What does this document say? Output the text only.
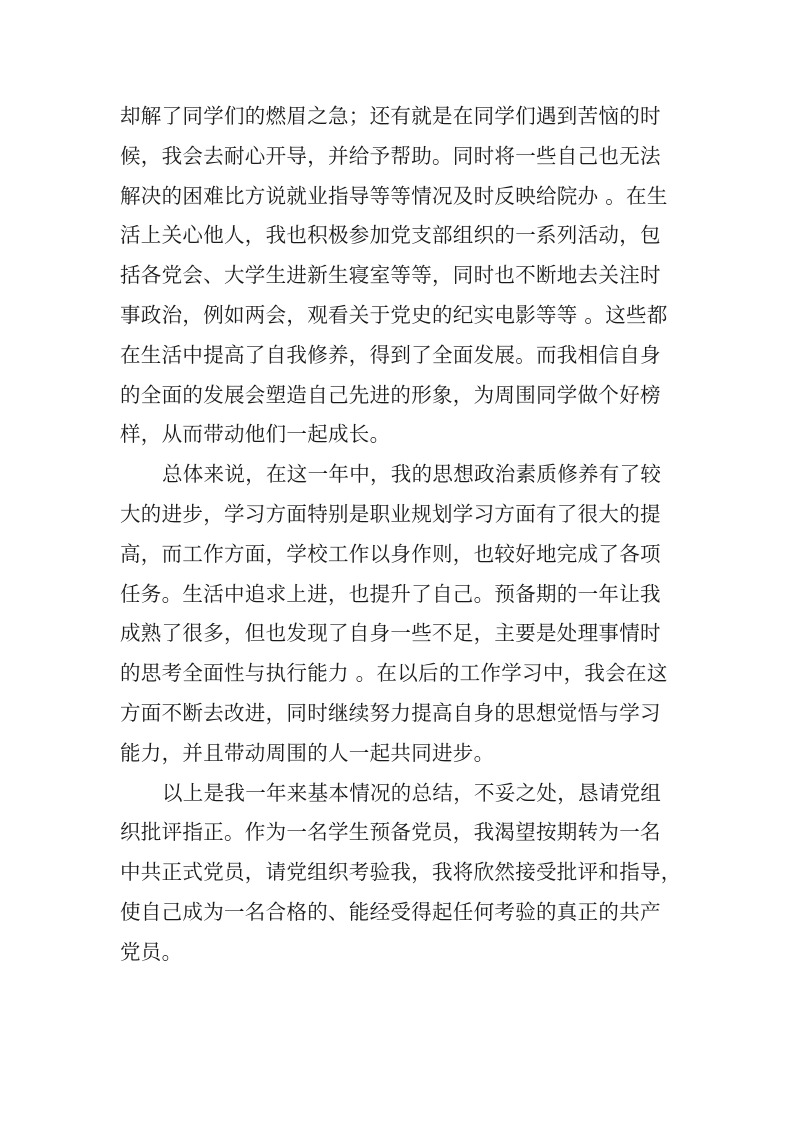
却解了同学们的燃眉之急；还有就是在同学们遇到苦恼的时
候，我会去耐心开导，并给予帮助。同时将一些自己也无法
解决的困难比方说就业指导等等情况及时反映给院办 。在生
活上关心他人，我也积极参加党支部组织的一系列活动，包
括各党会、大学生进新生寝室等等，同时也不断地去关注时
事政治，例如两会，观看关于党史的纪实电影等等 。这些都
在生活中提高了自我修养，得到了全面发展。而我相信自身
的全面的发展会塑造自己先进的形象，为周围同学做个好榜
样，从而带动他们一起成长。
总体来说，在这一年中，我的思想政治素质修养有了较
大的进步，学习方面特别是职业规划学习方面有了很大的提
高，而工作方面，学校工作以身作则，也较好地完成了各项
任务。生活中追求上进，也提升了自己。预备期的一年让我
成熟了很多，但也发现了自身一些不足，主要是处理事情时
的思考全面性与执行能力 。在以后的工作学习中，我会在这
方面不断去改进，同时继续努力提高自身的思想觉悟与学习
能力，并且带动周围的人一起共同进步。
以上是我一年来基本情况的总结，不妥之处，恳请党组
织批评指正。作为一名学生预备党员，我渴望按期转为一名
中共正式党员，请党组织考验我，我将欣然接受批评和指导，
使自己成为一名合格的、能经受得起任何考验的真正的共产
党员。
